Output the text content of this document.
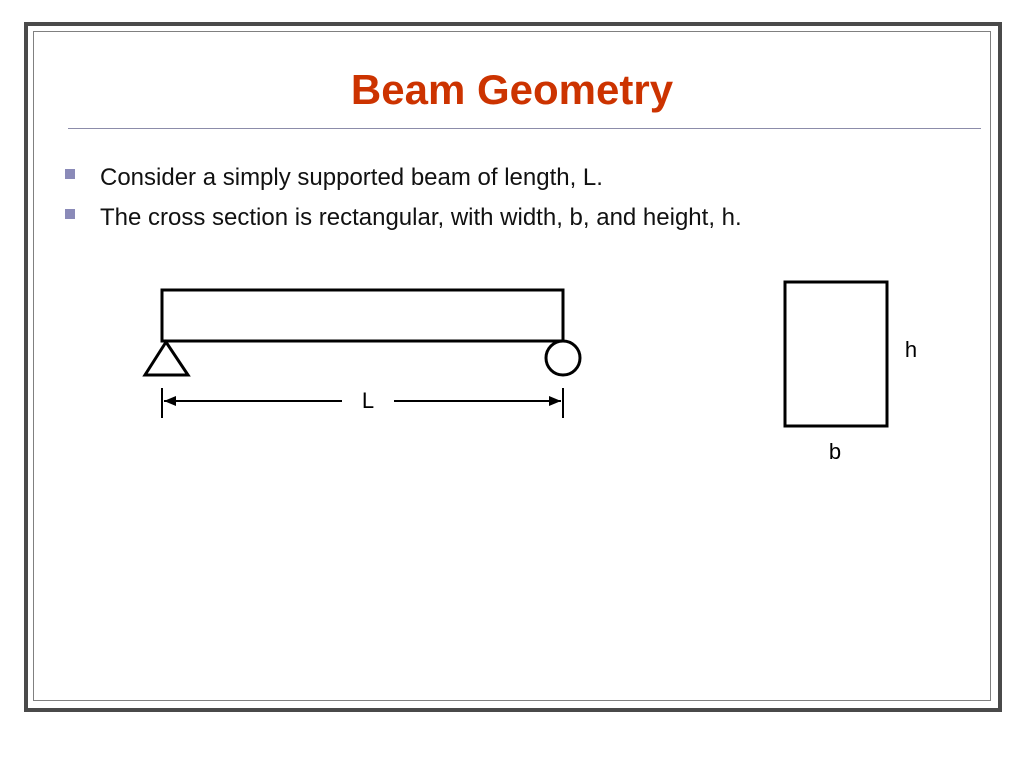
Beam Geometry
Consider a simply supported beam of length, L.
The cross section is rectangular, with width, b, and height, h.
L
h
b
